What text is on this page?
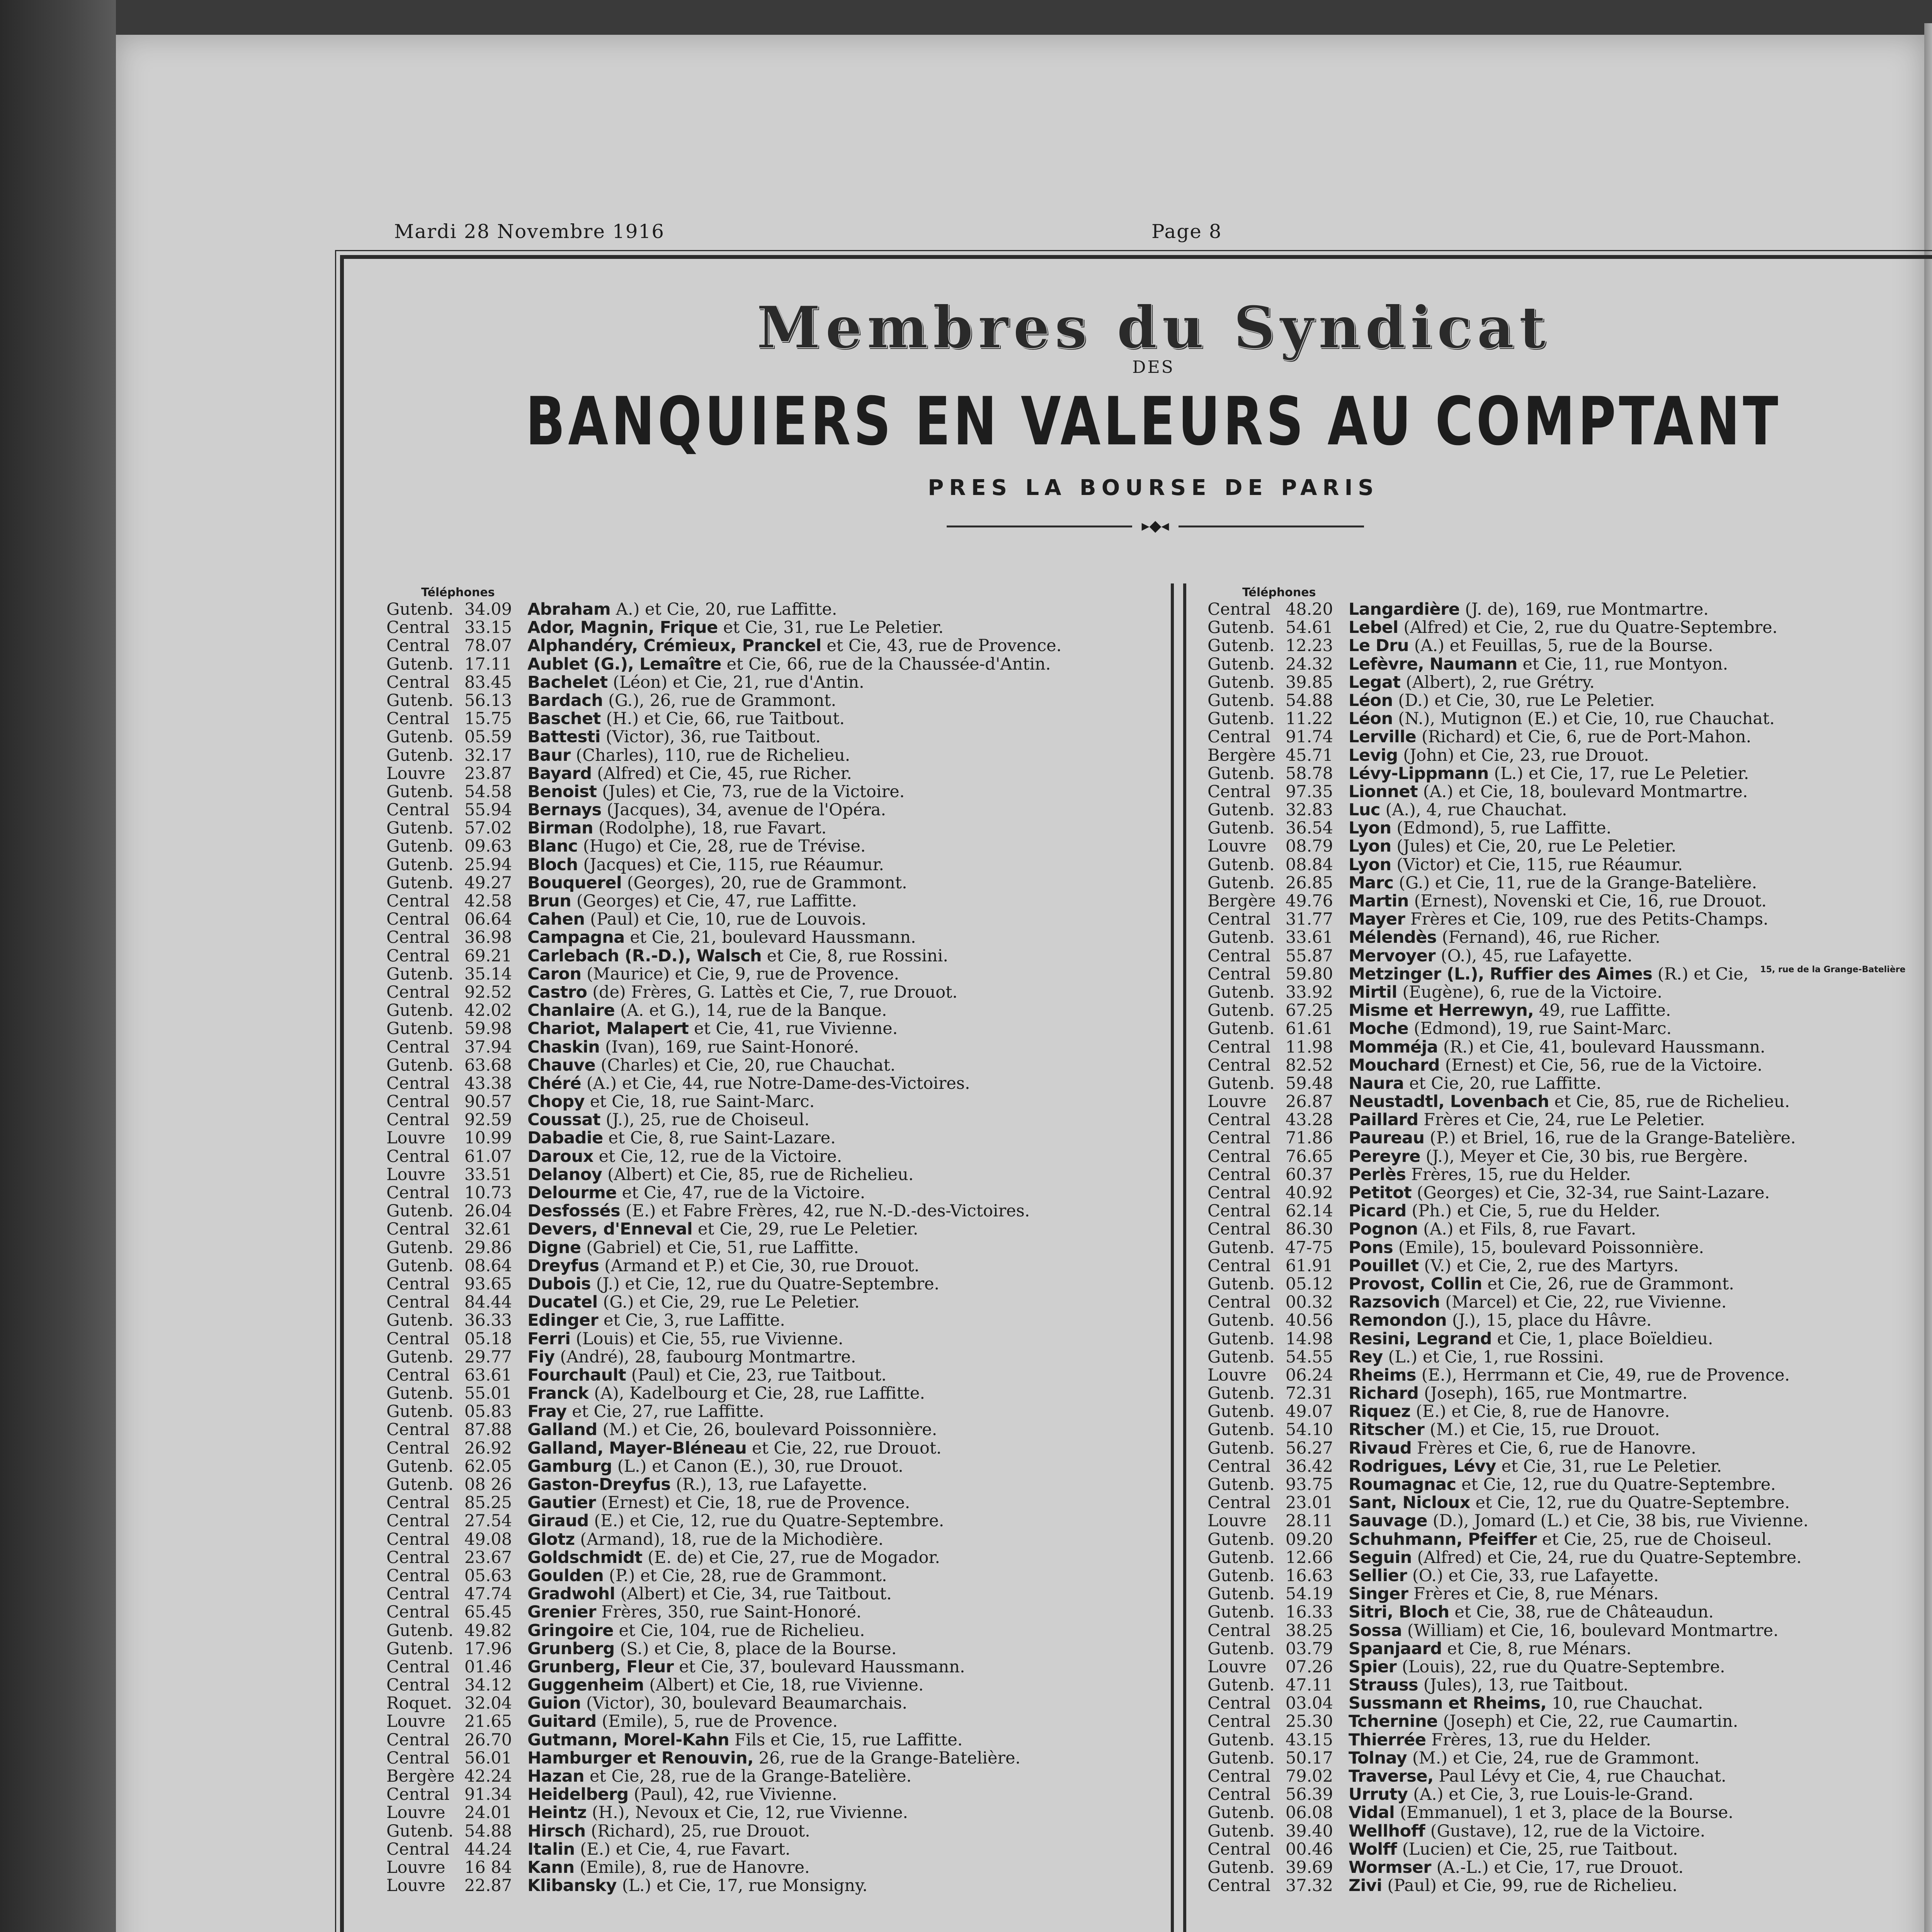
Mardi 28 Novembre 1916	Page 8
Membres du Syndicat
DES
BANQUIERS EN VALEURS AU COMPTANT
PRES LA BOURSE DE PARIS
▸◆◂
Téléphones
Gutenb. 34.09 Abraham A.) et Cie, 20, rue Laffitte.
Central 33.15 Ador, Magnin, Frique et Cie, 31, rue Le Peletier.
Central 78.07 Alphandéry, Crémieux, Pranckel et Cie, 43, rue de Provence.
Gutenb. 17.11 Aublet (G.), Lemaître et Cie, 66, rue de la Chaussée-d'Antin.
Central 83.45 Bachelet (Léon) et Cie, 21, rue d'Antin.
Gutenb. 56.13 Bardach (G.), 26, rue de Grammont.
Central 15.75 Baschet (H.) et Cie, 66, rue Taitbout.
Gutenb. 05.59 Battesti (Victor), 36, rue Taitbout.
Gutenb. 32.17 Baur (Charles), 110, rue de Richelieu.
Louvre	23.87 Bayard (Alfred) et Cie, 45, rue Richer.
Gutenb. 54.58 Benoist (Jules) et Cie, 73, rue de la Victoire.
Central 55.94 Bernays (Jacques), 34, avenue de l'Opéra.
Gutenb. 57.02 Birman (Rodolphe), 18, rue Favart.
Gutenb. 09.63 Blanc (Hugo) et Cie, 28, rue de Trévise.
Gutenb. 25.94 Bloch (Jacques) et Cie, 115, rue Réaumur.
Gutenb. 49.27 Bouquerel (Georges), 20, rue de Grammont.
Central 42.58 Brun (Georges) et Cie, 47, rue Laffitte.
Central 06.64 Cahen (Paul) et Cie, 10, rue de Louvois.
Central 36.98 Campagna et Cie, 21, boulevard Haussmann.
Central 69.21 Carlebach (R.-D.), Walsch et Cie, 8, rue Rossini.
Gutenb. 35.14 Caron (Maurice) et Cie, 9, rue de Provence.
Central 92.52 Castro (de) Frères, G. Lattès et Cie, 7, rue Drouot.
Gutenb. 42.02 Chanlaire (A. et G.), 14, rue de la Banque.
Gutenb. 59.98 Chariot, Malapert et Cie, 41, rue Vivienne.
Central 37.94 Chaskin (Ivan), 169, rue Saint-Honoré.
Gutenb. 63.68 Chauve (Charles) et Cie, 20, rue Chauchat.
Central 43.38 Chéré (A.) et Cie, 44, rue Notre-Dame-des-Victoires.
Central 90.57 Chopy et Cie, 18, rue Saint-Marc.
Central 92.59 Coussat (J.), 25, rue de Choiseul.
Louvre	10.99 Dabadie et Cie, 8, rue Saint-Lazare.
Central 61.07 Daroux et Cie, 12, rue de la Victoire.
Louvre	33.51 Delanoy (Albert) et Cie, 85, rue de Richelieu.
Central 10.73 Delourme et Cie, 47, rue de la Victoire.
Gutenb. 26.04 Desfossés (E.) et Fabre Frères, 42, rue N.-D.-des-Victoires.
Central 32.61 Devers, d'Enneval et Cie, 29, rue Le Peletier.
Gutenb. 29.86 Digne (Gabriel) et Cie, 51, rue Laffitte.
Gutenb. 08.64 Dreyfus (Armand et P.) et Cie, 30, rue Drouot.
Central 93.65 Dubois (J.) et Cie, 12, rue du Quatre-Septembre.
Central 84.44 Ducatel (G.) et Cie, 29, rue Le Peletier.
Gutenb. 36.33 Edinger et Cie, 3, rue Laffitte.
Central 05.18 Ferri (Louis) et Cie, 55, rue Vivienne.
Gutenb. 29.77 Fiy (André), 28, faubourg Montmartre.
Central 63.61 Fourchault (Paul) et Cie, 23, rue Taitbout.
Gutenb. 55.01 Franck (A), Kadelbourg et Cie, 28, rue Laffitte.
Gutenb. 05.83 Fray et Cie, 27, rue Laffitte.
Central 87.88 Galland (M.) et Cie, 26, boulevard Poissonnière.
Central 26.92 Galland, Mayer-Bléneau et Cie, 22, rue Drouot.
Gutenb. 62.05 Gamburg (L.) et Canon (E.), 30, rue Drouot.
Gutenb. 08 26 Gaston-Dreyfus (R.), 13, rue Lafayette.
Central 85.25 Gautier (Ernest) et Cie, 18, rue de Provence.
Central 27.54 Giraud (E.) et Cie, 12, rue du Quatre-Septembre.
Central 49.08 Glotz (Armand), 18, rue de la Michodière.
Central 23.67 Goldschmidt (E. de) et Cie, 27, rue de Mogador.
Central 05.63 Goulden (P.) et Cie, 28, rue de Grammont.
Central 47.74 Gradwohl (Albert) et Cie, 34, rue Taitbout.
Central 65.45 Grenier Frères, 350, rue Saint-Honoré.
Gutenb. 49.82 Gringoire et Cie, 104, rue de Richelieu.
Gutenb. 17.96 Grunberg (S.) et Cie, 8, place de la Bourse.
Central 01.46 Grunberg, Fleur et Cie, 37, boulevard Haussmann.
Central 34.12 Guggenheim (Albert) et Cie, 18, rue Vivienne.
Roquet. 32.04 Guion (Victor), 30, boulevard Beaumarchais.
Louvre	21.65 Guitard (Emile), 5, rue de Provence.
Central 26.70 Gutmann, Morel-Kahn Fils et Cie, 15, rue Laffitte.
Central 56.01 Hamburger et Renouvin, 26, rue de la Grange-Batelière.
Bergère 42.24 Hazan et Cie, 28, rue de la Grange-Batelière.
Central 91.34 Heidelberg (Paul), 42, rue Vivienne.
Louvre	24.01 Heintz (H.), Nevoux et Cie, 12, rue Vivienne.
Gutenb. 54.88 Hirsch (Richard), 25, rue Drouot.
Central 44.24 Italin (E.) et Cie, 4, rue Favart.
Louvre	16 84 Kann (Emile), 8, rue de Hanovre.
Louvre	22.87 Klibansky (L.) et Cie, 17, rue Monsigny.
Téléphones
Central 48.20 Langardière (J. de), 169, rue Montmartre.
Gutenb. 54.61 Lebel (Alfred) et Cie, 2, rue du Quatre-Septembre.
Gutenb. 12.23 Le Dru (A.) et Feuillas, 5, rue de la Bourse.
Gutenb. 24.32 Lefèvre, Naumann et Cie, 11, rue Montyon.
Gutenb. 39.85 Legat (Albert), 2, rue Grétry.
Gutenb. 54.88 Léon (D.) et Cie, 30, rue Le Peletier.
Gutenb. 11.22 Léon (N.), Mutignon (E.) et Cie, 10, rue Chauchat.
Central 91.74 Lerville (Richard) et Cie, 6, rue de Port-Mahon.
Bergère 45.71 Levig (John) et Cie, 23, rue Drouot.
Gutenb. 58.78 Lévy-Lippmann (L.) et Cie, 17, rue Le Peletier.
Central 97.35 Lionnet (A.) et Cie, 18, boulevard Montmartre.
Gutenb. 32.83 Luc (A.), 4, rue Chauchat.
Gutenb. 36.54 Lyon (Edmond), 5, rue Laffitte.
Louvre	08.79 Lyon (Jules) et Cie, 20, rue Le Peletier.
Gutenb. 08.84 Lyon (Victor) et Cie, 115, rue Réaumur.
Gutenb. 26.85 Marc (G.) et Cie, 11, rue de la Grange-Batelière.
Bergère 49.76 Martin (Ernest), Novenski et Cie, 16, rue Drouot.
Central 31.77 Mayer Frères et Cie, 109, rue des Petits-Champs.
Gutenb. 33.61 Mélendès (Fernand), 46, rue Richer.
Central 55.87 Mervoyer (O.), 45, rue Lafayette.
Central 59.80 Metzinger (L.), Ruffier des Aimes (R.) et Cie, 15, rue de la Grange-Batelière
Gutenb. 33.92 Mirtil (Eugène), 6, rue de la Victoire.
Gutenb. 67.25 Misme et Herrewyn, 49, rue Laffitte.
Gutenb. 61.61 Moche (Edmond), 19, rue Saint-Marc.
Central 11.98 Momméja (R.) et Cie, 41, boulevard Haussmann.
Central 82.52 Mouchard (Ernest) et Cie, 56, rue de la Victoire.
Gutenb. 59.48 Naura et Cie, 20, rue Laffitte.
Louvre	26.87 Neustadtl, Lovenbach et Cie, 85, rue de Richelieu.
Central 43.28 Paillard Frères et Cie, 24, rue Le Peletier.
Central 71.86 Paureau (P.) et Briel, 16, rue de la Grange-Batelière.
Central 76.65 Pereyre (J.), Meyer et Cie, 30 bis, rue Bergère.
Central 60.37 Perlès Frères, 15, rue du Helder.
Central 40.92 Petitot (Georges) et Cie, 32-34, rue Saint-Lazare.
Central 62.14 Picard (Ph.) et Cie, 5, rue du Helder.
Central 86.30 Pognon (A.) et Fils, 8, rue Favart.
Gutenb. 47-75 Pons (Emile), 15, boulevard Poissonnière.
Central 61.91 Pouillet (V.) et Cie, 2, rue des Martyrs.
Gutenb. 05.12 Provost, Collin et Cie, 26, rue de Grammont.
Central 00.32 Razsovich (Marcel) et Cie, 22, rue Vivienne.
Gutenb. 40.56 Remondon (J.), 15, place du Hâvre.
Gutenb. 14.98 Resini, Legrand et Cie, 1, place Boïeldieu.
Gutenb. 54.55 Rey (L.) et Cie, 1, rue Rossini.
Louvre	06.24 Rheims (E.), Herrmann et Cie, 49, rue de Provence.
Gutenb. 72.31 Richard (Joseph), 165, rue Montmartre.
Gutenb. 49.07 Riquez (E.) et Cie, 8, rue de Hanovre.
Gutenb. 54.10 Ritscher (M.) et Cie, 15, rue Drouot.
Gutenb. 56.27 Rivaud Frères et Cie, 6, rue de Hanovre.
Central 36.42 Rodrigues, Lévy et Cie, 31, rue Le Peletier.
Gutenb. 93.75 Roumagnac et Cie, 12, rue du Quatre-Septembre.
Central 23.01 Sant, Nicloux et Cie, 12, rue du Quatre-Septembre.
Louvre	28.11 Sauvage (D.), Jomard (L.) et Cie, 38 bis, rue Vivienne.
Gutenb. 09.20 Schuhmann, Pfeiffer et Cie, 25, rue de Choiseul.
Gutenb. 12.66 Seguin (Alfred) et Cie, 24, rue du Quatre-Septembre.
Gutenb. 16.63 Sellier (O.) et Cie, 33, rue Lafayette.
Gutenb. 54.19 Singer Frères et Cie, 8, rue Ménars.
Gutenb. 16.33 Sitri, Bloch et Cie, 38, rue de Châteaudun.
Central 38.25 Sossa (William) et Cie, 16, boulevard Montmartre.
Gutenb. 03.79 Spanjaard et Cie, 8, rue Ménars.
Louvre	07.26 Spier (Louis), 22, rue du Quatre-Septembre.
Gutenb. 47.11 Strauss (Jules), 13, rue Taitbout.
Central 03.04 Sussmann et Rheims, 10, rue Chauchat.
Central 25.30 Tchernine (Joseph) et Cie, 22, rue Caumartin.
Gutenb. 43.15 Thierrée Frères, 13, rue du Helder.
Gutenb. 50.17 Tolnay (M.) et Cie, 24, rue de Grammont.
Central 79.02 Traverse, Paul Lévy et Cie, 4, rue Chauchat.
Central 56.39 Urruty (A.) et Cie, 3, rue Louis-le-Grand.
Gutenb. 06.08 Vidal (Emmanuel), 1 et 3, place de la Bourse.
Gutenb. 39.40 Wellhoff (Gustave), 12, rue de la Victoire.
Central 00.46 Wolff (Lucien) et Cie, 25, rue Taitbout.
Gutenb. 39.69 Wormser (A.-L.) et Cie, 17, rue Drouot.
Central 37.32 Zivi (Paul) et Cie, 99, rue de Richelieu.
